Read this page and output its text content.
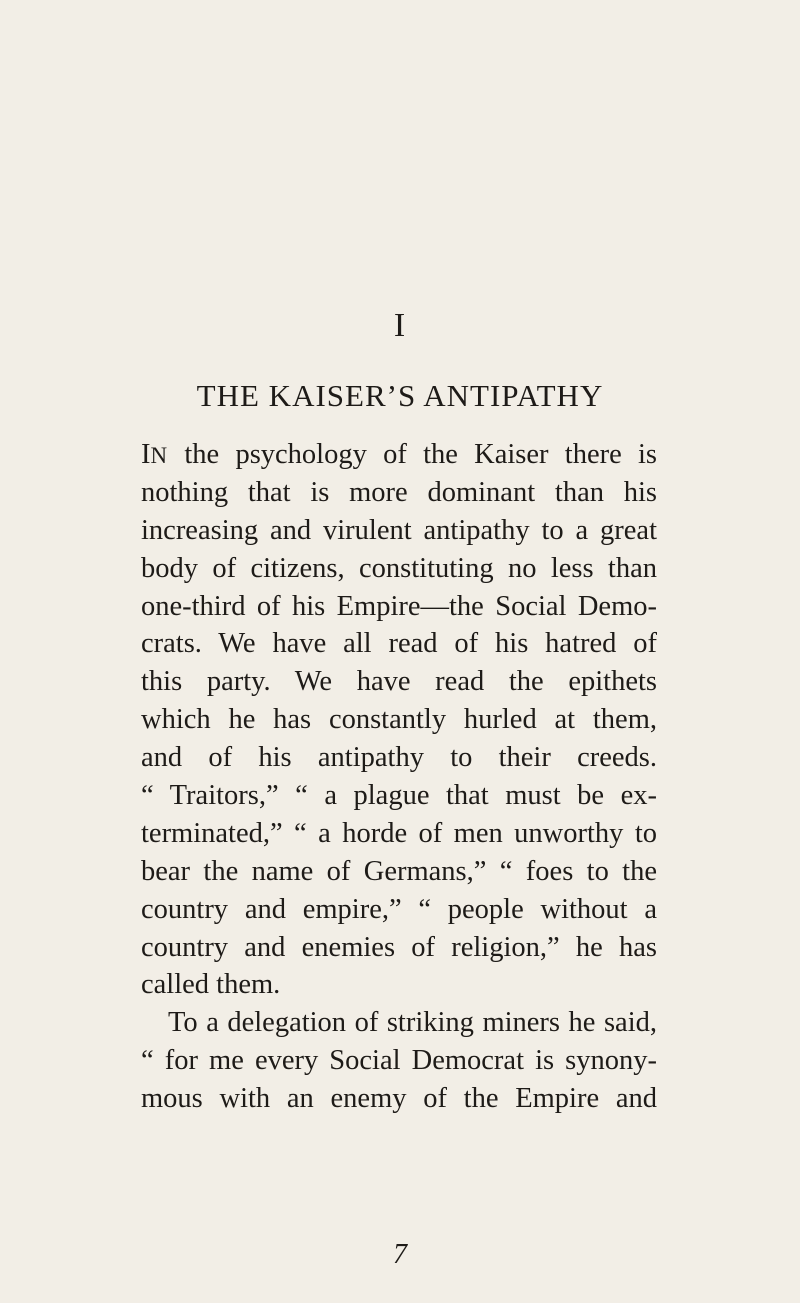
I
THE KAISER’S ANTIPATHY
IN the psychology of the Kaiser there is
nothing that is more dominant than his
increasing and virulent antipathy to a great
body of citizens, constituting no less than
one-third of his Empire—the Social Demo-
crats. We have all read of his hatred of
this party. We have read the epithets
which he has constantly hurled at them,
and of his antipathy to their creeds.
“ Traitors,” “ a plague that must be ex-
terminated,” “ a horde of men unworthy to
bear the name of Germans,” “ foes to the
country and empire,” “ people without a
country and enemies of religion,” he has
called them.
To a delegation of striking miners he said,
“ for me every Social Democrat is synony-
mous with an enemy of the Empire and
7
